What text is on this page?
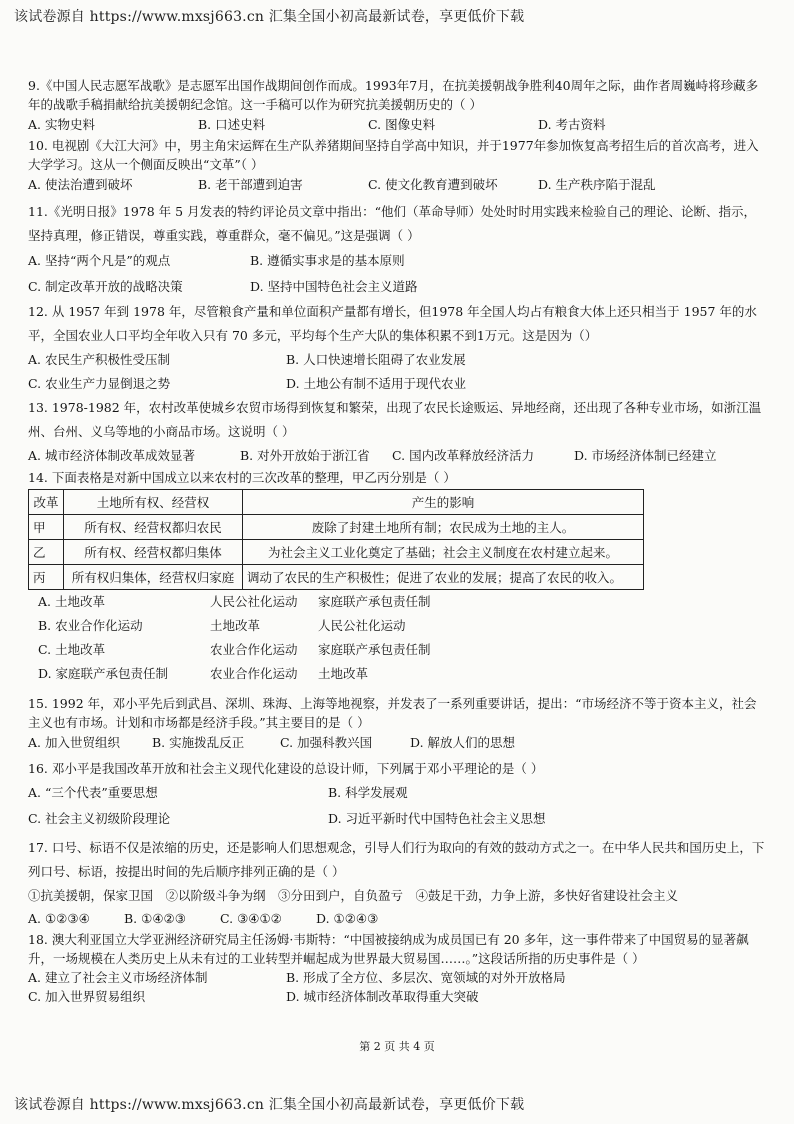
该试卷源自 https://www.mxsj663.cn 汇集全国小初高最新试卷，享更低价下载

9.《中国人民志愿军战歌》是志愿军出国作战期间创作而成。1993年7月，在抗美援朝战争胜利40周年之际，曲作者周巍峙将珍藏多年的战歌手稿捐献给抗美援朝纪念馆。这一手稿可以作为研究抗美援朝历史的（ ）

A. 实物史料	B. 口述史料	C. 图像史料	D. 考古资料

10. 电视剧《大江大河》中，男主角宋运辉在生产队养猪期间坚持自学高中知识，并于1977年参加恢复高考招生后的首次高考，进入大学学习。这从一个侧面反映出“文革”（ ）

A. 使法治遭到破坏	B. 老干部遭到迫害	C. 使文化教育遭到破坏	D. 生产秩序陷于混乱

11.《光明日报》1978 年 5 月发表的特约评论员文章中指出：“他们（革命导师）处处时时用实践来检验自己的理论、论断、指示，坚持真理，修正错误，尊重实践，尊重群众，毫不偏见。”这是强调（ ）

A. 坚持“两个凡是”的观点	B. 遵循实事求是的基本原则
C. 制定改革开放的战略决策	D. 坚持中国特色社会主义道路

12. 从 1957 年到 1978 年，尽管粮食产量和单位面积产量都有增长，但1978 年全国人均占有粮食大体上还只相当于 1957 年的水平，全国农业人口平均全年收入只有 70 多元，平均每个生产大队的集体积累不到1万元。这是因为（）

A. 农民生产积极性受压制	B. 人口快速增长阻碍了农业发展
C. 农业生产力显倒退之势	D. 土地公有制不适用于现代农业

13. 1978-1982 年，农村改革使城乡农贸市场得到恢复和繁荣，出现了农民长途贩运、异地经商，还出现了各种专业市场，如浙江温州、台州、义乌等地的小商品市场。这说明（ ）

A. 城市经济体制改革成效显著	B. 对外开放始于浙江省	C. 国内改革释放经济活力	D. 市场经济体制已经建立

14. 下面表格是对新中国成立以来农村的三次改革的整理，甲乙丙分别是（ ）

改革	土地所有权、经营权	产生的影响
甲	所有权、经营权都归农民	废除了封建土地所有制；农民成为土地的主人。
乙	所有权、经营权都归集体	为社会主义工业化奠定了基础；社会主义制度在农村建立起来。
丙	所有权归集体，经营权归家庭	调动了农民的生产积极性；促进了农业的发展；提高了农民的收入。
A. 土地改革	人民公社化运动	家庭联产承包责任制
B. 农业合作化运动	土地改革	人民公社化运动
C. 土地改革	农业合作化运动	家庭联产承包责任制
D. 家庭联产承包责任制	农业合作化运动	土地改革

15. 1992 年，邓小平先后到武昌、深圳、珠海、上海等地视察，并发表了一系列重要讲话，提出：“市场经济不等于资本主义，社会主义也有市场。计划和市场都是经济手段。”其主要目的是（ ）

A. 加入世贸组织	B. 实施拨乱反正	C. 加强科教兴国	D. 解放人们的思想

16. 邓小平是我国改革开放和社会主义现代化建设的总设计师，下列属于邓小平理论的是（ ）

A. “三个代表”重要思想	B. 科学发展观
C. 社会主义初级阶段理论	D. 习近平新时代中国特色社会主义思想

17. 口号、标语不仅是浓缩的历史，还是影响人们思想观念，引导人们行为取向的有效的鼓动方式之一。在中华人民共和国历史上，下列口号、标语，按提出时间的先后顺序排列正确的是（ ）

①抗美援朝，保家卫国　②以阶级斗争为纲　③分田到户，自负盈亏　④鼓足干劲，力争上游，多快好省建设社会主义

A. ①②③④	B. ①④②③	C. ③④①②	D. ①②④③

18. 澳大利亚国立大学亚洲经济研究局主任汤姆·韦斯特：“中国被接纳成为成员国已有 20 多年，这一事件带来了中国贸易的显著飙升，一场规模在人类历史上从未有过的工业转型并崛起成为世界最大贸易国……。”这段话所指的历史事件是（ ）

A. 建立了社会主义市场经济体制	B. 形成了全方位、多层次、宽领域的对外开放格局
C. 加入世界贸易组织	D. 城市经济体制改革取得重大突破
第 2 页 共 4 页
该试卷源自 https://www.mxsj663.cn 汇集全国小初高最新试卷，享更低价下载
